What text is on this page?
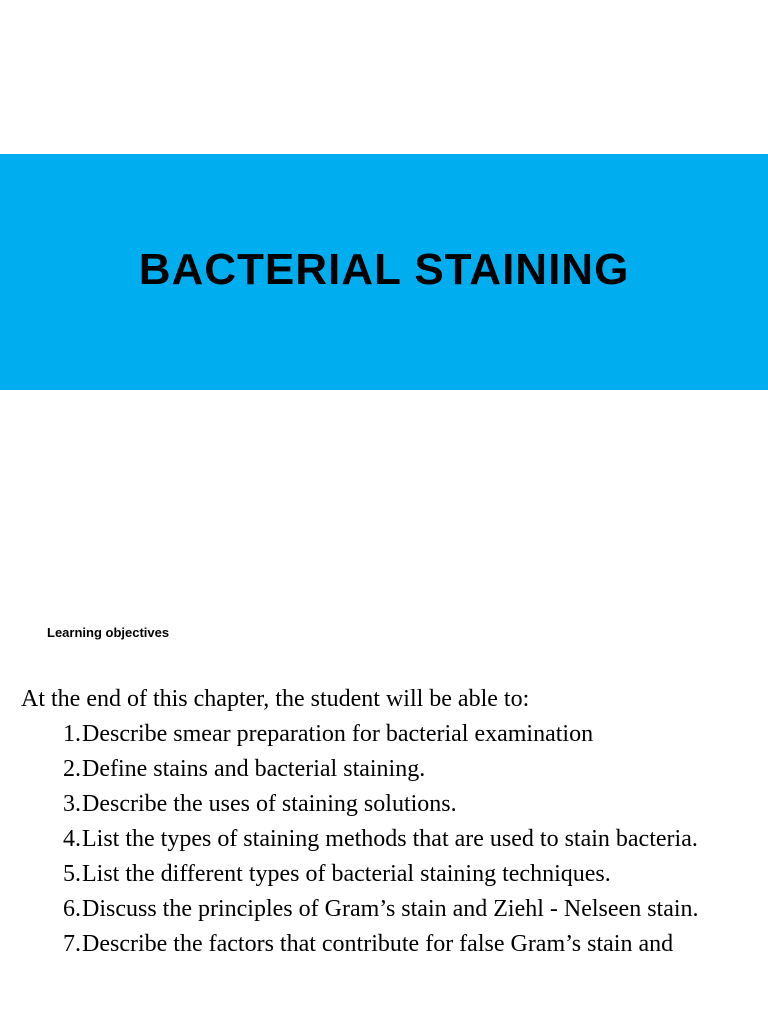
BACTERIAL STAINING

Learning objectives

At the end of this chapter, the student will be able to:

1. Describe smear preparation for bacterial examination
2. Define stains and bacterial staining.
3. Describe the uses of staining solutions.
4. List the types of staining methods that are used to stain bacteria.
5. List the different types of bacterial staining techniques.
6. Discuss the principles of Gram’s stain and Ziehl - Nelseen stain.
7. Describe the factors that contribute for false Gram’s stain and
